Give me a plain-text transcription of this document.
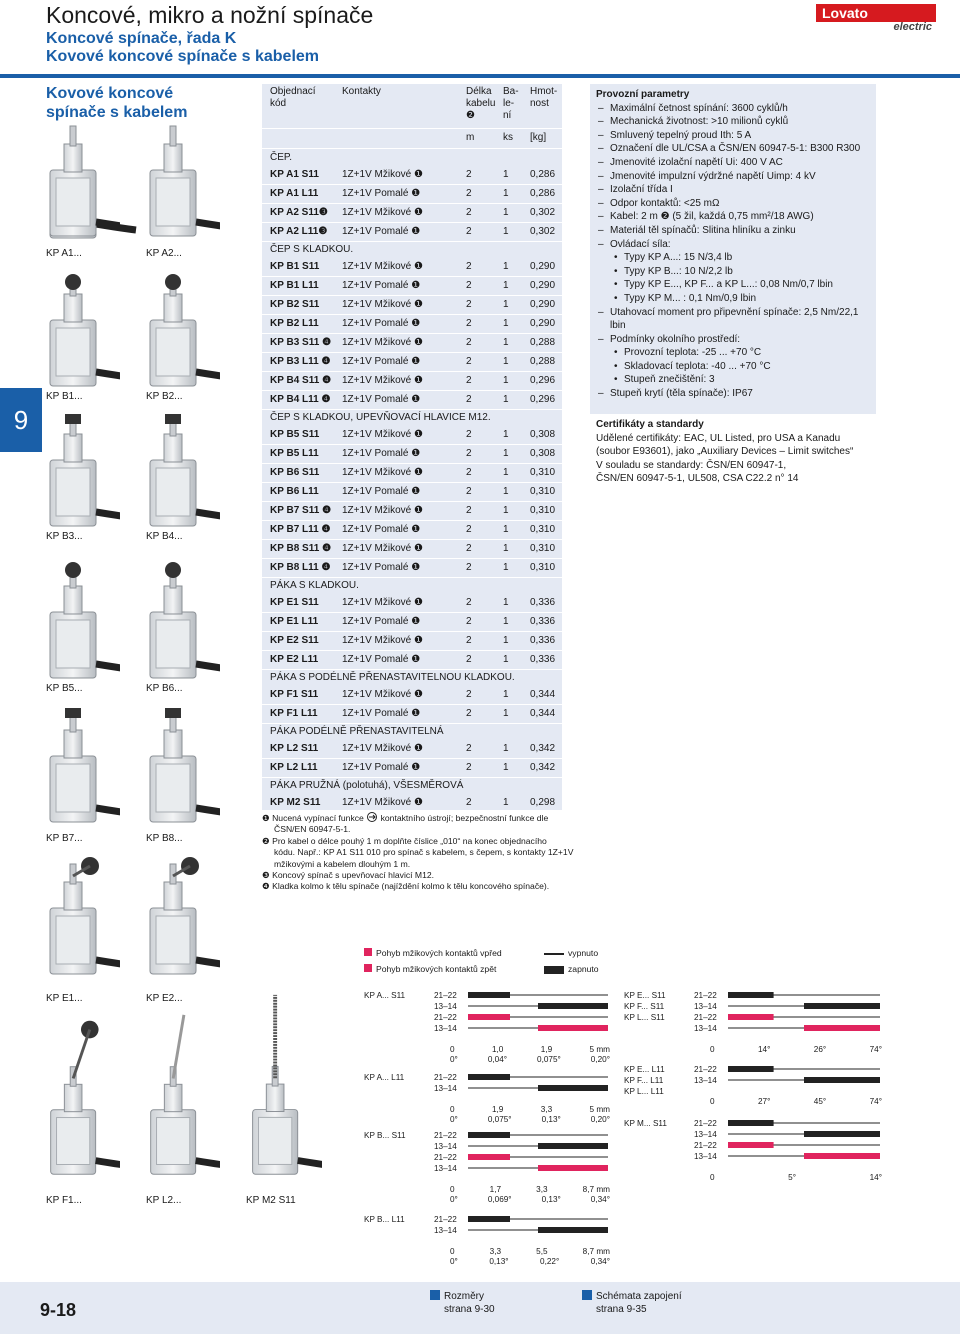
Koncové, mikro a nožní spínače
Koncové spínače, řada K
Kovové koncové spínače s kabelem
Lovato
electric
9
Kovové koncové
spínače s kabelem
KP A1...	KP A2...
KP B1...	KP B2...
KP B3...	KP B4...
KP B5...	KP B6...
KP B7...	KP B8...
KP E1...	KP E2...
KP F1...	KP L2...	KP M2 S11
Objednací
kód
Kontakty	Délka
kabelu
❷
Ba-
le-
ní
Hmot-
nost
m	ks [kg]
ČEP.
KP A1 S11 1Z+1V Mžikové ❶	2	1 0,286
KP A1 L11 1Z+1V Pomalé ❶	2	1 0,286
KP A2 S11❸ 1Z+1V Mžikové ❶	2	1 0,302
KP A2 L11❸ 1Z+1V Pomalé ❶	2	1 0,302
ČEP S KLADKOU.
KP B1 S11 1Z+1V Mžikové ❶	2	1 0,290
KP B1 L11 1Z+1V Pomalé ❶	2	1 0,290
KP B2 S11 1Z+1V Mžikové ❶	2	1 0,290
KP B2 L11 1Z+1V Pomalé ❶	2	1 0,290
KP B3 S11 ❹ 1Z+1V Mžikové ❶	2	1 0,288
KP B3 L11 ❹ 1Z+1V Pomalé ❶	2	1 0,288
KP B4 S11 ❹ 1Z+1V Mžikové ❶	2	1 0,296
KP B4 L11 ❹ 1Z+1V Pomalé ❶	2	1 0,296
ČEP S KLADKOU, UPEVŇOVACÍ HLAVICE M12.
KP B5 S11 1Z+1V Mžikové ❶	2	1 0,308
KP B5 L11 1Z+1V Pomalé ❶	2	1 0,308
KP B6 S11 1Z+1V Mžikové ❶	2	1 0,310
KP B6 L11 1Z+1V Pomalé ❶	2	1 0,310
KP B7 S11 ❹ 1Z+1V Mžikové ❶	2	1 0,310
KP B7 L11 ❹ 1Z+1V Pomalé ❶	2	1 0,310
KP B8 S11 ❹ 1Z+1V Mžikové ❶	2	1 0,310
KP B8 L11 ❹ 1Z+1V Pomalé ❶	2	1 0,310
PÁKA S KLADKOU.
KP E1 S11 1Z+1V Mžikové ❶	2	1 0,336
KP E1 L11 1Z+1V Pomalé ❶	2	1 0,336
KP E2 S11 1Z+1V Mžikové ❶	2	1 0,336
KP E2 L11 1Z+1V Pomalé ❶	2	1 0,336
PÁKA S PODÉLNĚ PŘENASTAVITELNOU KLADKOU.
KP F1 S11 1Z+1V Mžikové ❶	2	1 0,344
KP F1 L11 1Z+1V Pomalé ❶	2	1 0,344
PÁKA PODÉLNĚ PŘENASTAVITELNÁ
KP L2 S11 1Z+1V Mžikové ❶	2	1 0,342
KP L2 L11 1Z+1V Pomalé ❶	2	1 0,342
PÁKA PRUŽNÁ (polotuhá), VŠESMĚROVÁ
KP M2 S11 1Z+1V Mžikové ❶	2	1 0,298
❶ Nucená vypínací funkce kontaktního ústrojí; bezpečnostní funkce dle
ČSN/EN 60947-5-1.
❷ Pro kabel o délce pouhý 1 m doplňte číslice „010“ na konec objednacího
kódu. Např.: KP A1 S11 010 pro spínač s kabelem, s čepem, s kontakty 1Z+1V
mžikovými a kabelem dlouhým 1 m.
❸ Koncový spínač s upevňovací hlavicí M12.
❹ Kladka kolmo k tělu spínače (najíždění kolmo k tělu koncového spínače).
Provozní parametry
– Maximální četnost spínání: 3600 cyklů/h
– Mechanická životnost: >10 milionů cyklů
– Smluvený tepelný proud Ith: 5 A
– Označení dle UL/CSA a ČSN/EN 60947-5-1: B300 R300
– Jmenovité izolační napětí Ui: 400 V AC
– Jmenovité impulzní výdržné napětí Uimp: 4 kV
– Izolační třída I
– Odpor kontaktů: <25 mΩ
– Kabel: 2 m ❷ (5 žil, každá 0,75 mm²/18 AWG)
– Materiál těl spínačů: Slitina hliníku a zinku
– Ovládací síla:
• Typy KP A...: 15 N/3,4 lb
• Typy KP B...: 10 N/2,2 lb
• Typy KP E..., KP F... a KP L...: 0,08 Nm/0,7 lbin
• Typy KP M... : 0,1 Nm/0,9 lbin
– Utahovací moment pro připevnění spínače: 2,5 Nm/22,1 lbin
– Podmínky okolního prostředí:
• Provozní teplota: -25 ... +70 °C
• Skladovací teplota: -40 ... +70 °C
• Stupeň znečištění: 3
– Stupeň krytí (těla spínače): IP67
Certifikáty a standardy
Udělené certifikáty: EAC, UL Listed, pro USA a Kanadu
(soubor E93601), jako „Auxiliary Devices – Limit switches“
V souladu se standardy: ČSN/EN 60947-1,
ČSN/EN 60947-5-1, UL508, CSA C22.2 n° 14
Pohyb mžikových kontaktů vpřed
Pohyb mžikových kontaktů zpět
vypnuto
zapnuto
KP A... S11	21–22
13–14
21–22
13–14
0	1,0	1,9	5 mm
0°	0,04°	0,075°	0,20°
KP A... L11	21–22
13–14
0	1,9	3,3	5 mm
0°	0,075°	0,13°	0,20°
KP B... S11	21–22
13–14
21–22
13–14
0	1,7	3,3	8,7 mm
0°	0,069°	0,13°	0,34°
KP B... L11	21–22
13–14
0	3,3	5,5	8,7 mm
0°	0,13°	0,22°	0,34°
KP E... S11
KP F... S11
KP L... S11
21–22
13–14
21–22
13–14
0	14°	26°	74°
KP E... L11
KP F... L11
KP L... L11
21–22
13–14
0	27°	45°	74°
KP M... S11	21–22
13–14
21–22
13–14
0	5°	14°
9-18
Rozměry
strana 9-30
Schémata zapojení
strana 9-35
